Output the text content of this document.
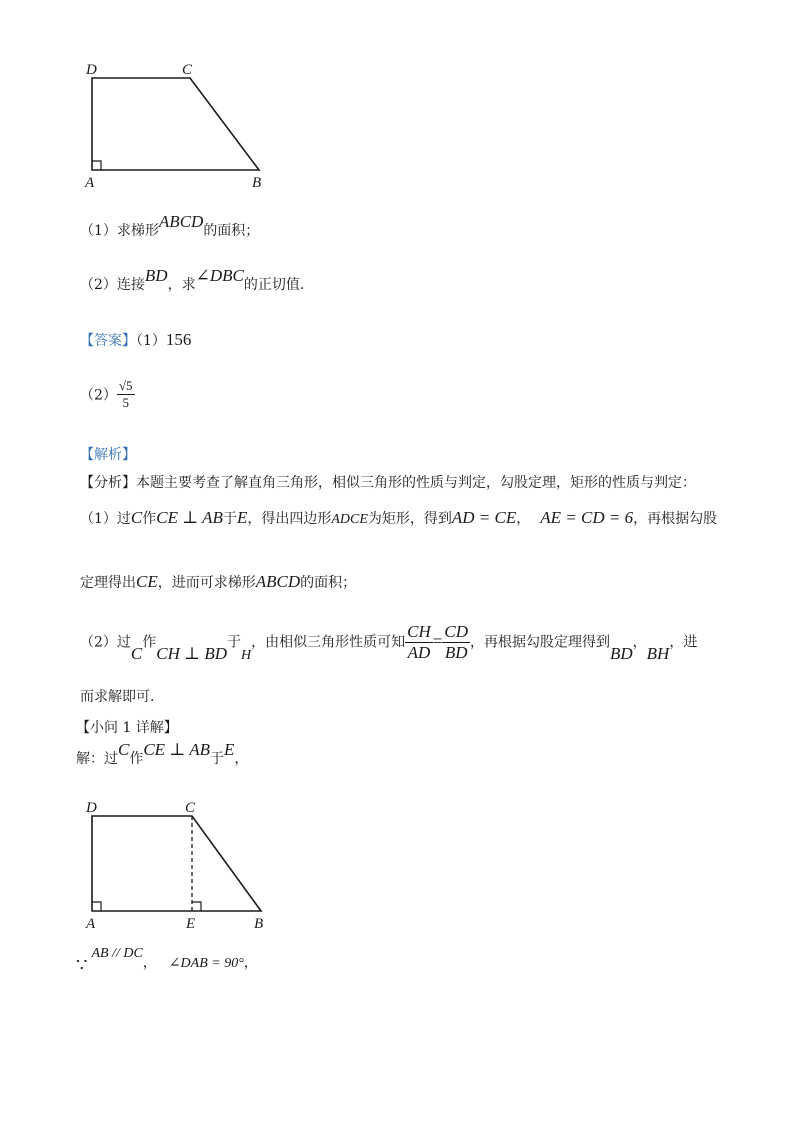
D	C
A	B
（1）求梯形ABCD的面积；
（2）连接BD，求∠DBC的正切值.
【答案】（1）156
$(2) \frac{√5}{5}$
【解析】
【分析】本题主要考查了解直角三角形，相似三角形的性质与判定，勾股定理，矩形的性质与判定：
（1）过C作CE ⊥ AB于E，得出四边形ADCE为矩形，得到AD = CE， AE = CD = 6，再根据勾股
定理得出CE，进而可求梯形ABCD的面积；
（2）过C作CH ⊥ BD于H，由相似三角形性质可知 $\frac{CH}{AD} = \frac{CD}{BD}$ ，再根据勾股定理得到BD，BH，进
而求解即可.
【小问 1 详解】
解：过C作CE ⊥ AB于E，
D	C
A	E	B
∵AB // DC， ∠DAB = 90°，
